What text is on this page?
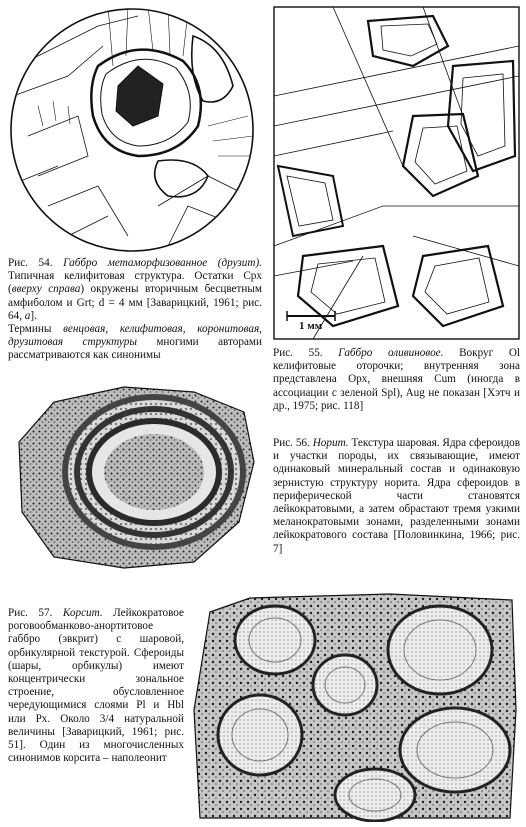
1 мм

Рис. 54. Габбро метаморфизованное (друзит). Типичная келифитовая структура. Остатки Cpx (вверху справа) окружены вторичным бесцветным амфиболом и Grt; d = 4 мм [Заварицкий, 1961; рис. 64, а].

Термины венцовая, келифитовая, коронитовая, друзитовая структуры многими авторами рассматриваются как синонимы	Рис. 55. Габбро оливиновое. Вокруг Ol келифитовые оторочки; внутренняя зона представлена Opx, внешняя Cum (иногда в ассоциации с зеленой Spl), Aug не показан [Хэтч и др., 1975; рис. 118]

Рис. 56. Норит. Текстура шаровая. Ядра сфероидов и участки породы, их связывающие, имеют одинаковый минеральный состав и одинаковую зернистую структуру норита. Ядра сфероидов в периферической части становятся лейкократовыми, а затем обрастают тремя узкими меланократовыми зонами, разделенными зонами лейкократового состава [Половинкина, 1966; рис. 7]

Рис. 57. Корсит. Лейкократовое роговообманково-анортитовое габбро (эвкрит) с шаровой, орбикулярной текстурой. Сфероиды (шары, орбикулы) имеют концентрически зональное строение, обусловленное чередующимися слоями Pl и Hbl или Px. Около 3/4 натуральной величины [Заварицкий, 1961; рис. 51]. Один из многочисленных синонимов корсита – наполеонит
